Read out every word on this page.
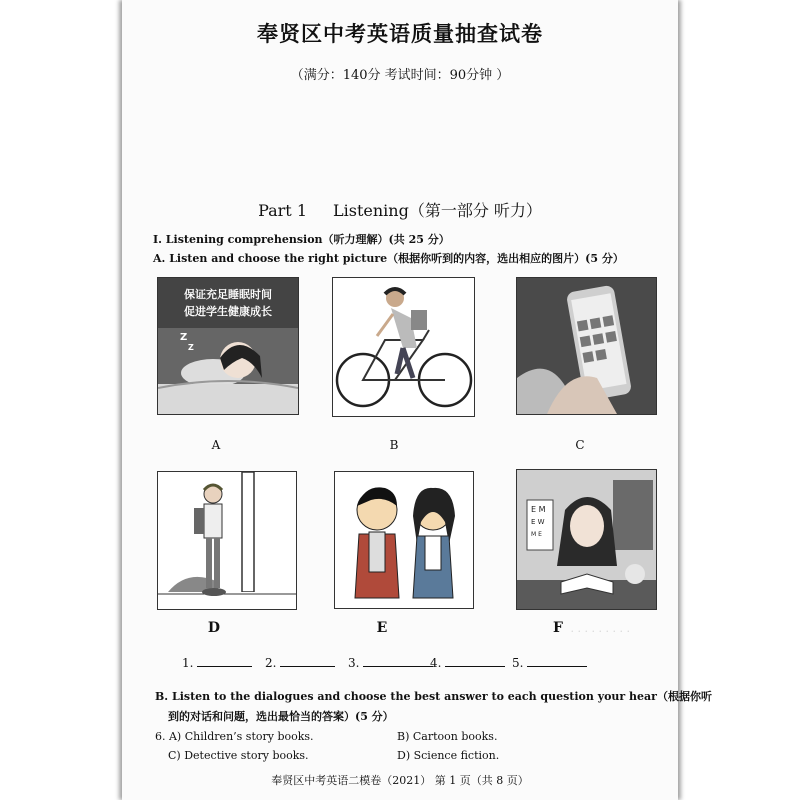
奉贤区中考英语质量抽查试卷
（满分：140分 考试时间：90分钟 ）
Part 1 Listening（第一部分 听力）
I. Listening comprehension（听力理解）(共 25 分）
A. Listen and choose the right picture（根据你听到的内容，选出相应的图片）(5 分）
保证充足睡眠时间
促进学生健康成长
Z
Z
A	B	C
D	E
E M
E W
M E
F . . . . . . . . .
1.	2.	3.	4.	5.
B. Listen to the dialogues and choose the best answer to each question your hear（根据你听
到的对话和问题，选出最恰当的答案）(5 分）
6. A) Children’s story books.	B) Cartoon books.
C) Detective story books.	D) Science fiction.
奉贤区中考英语二模卷（2021） 第 1 页（共 8 页）
